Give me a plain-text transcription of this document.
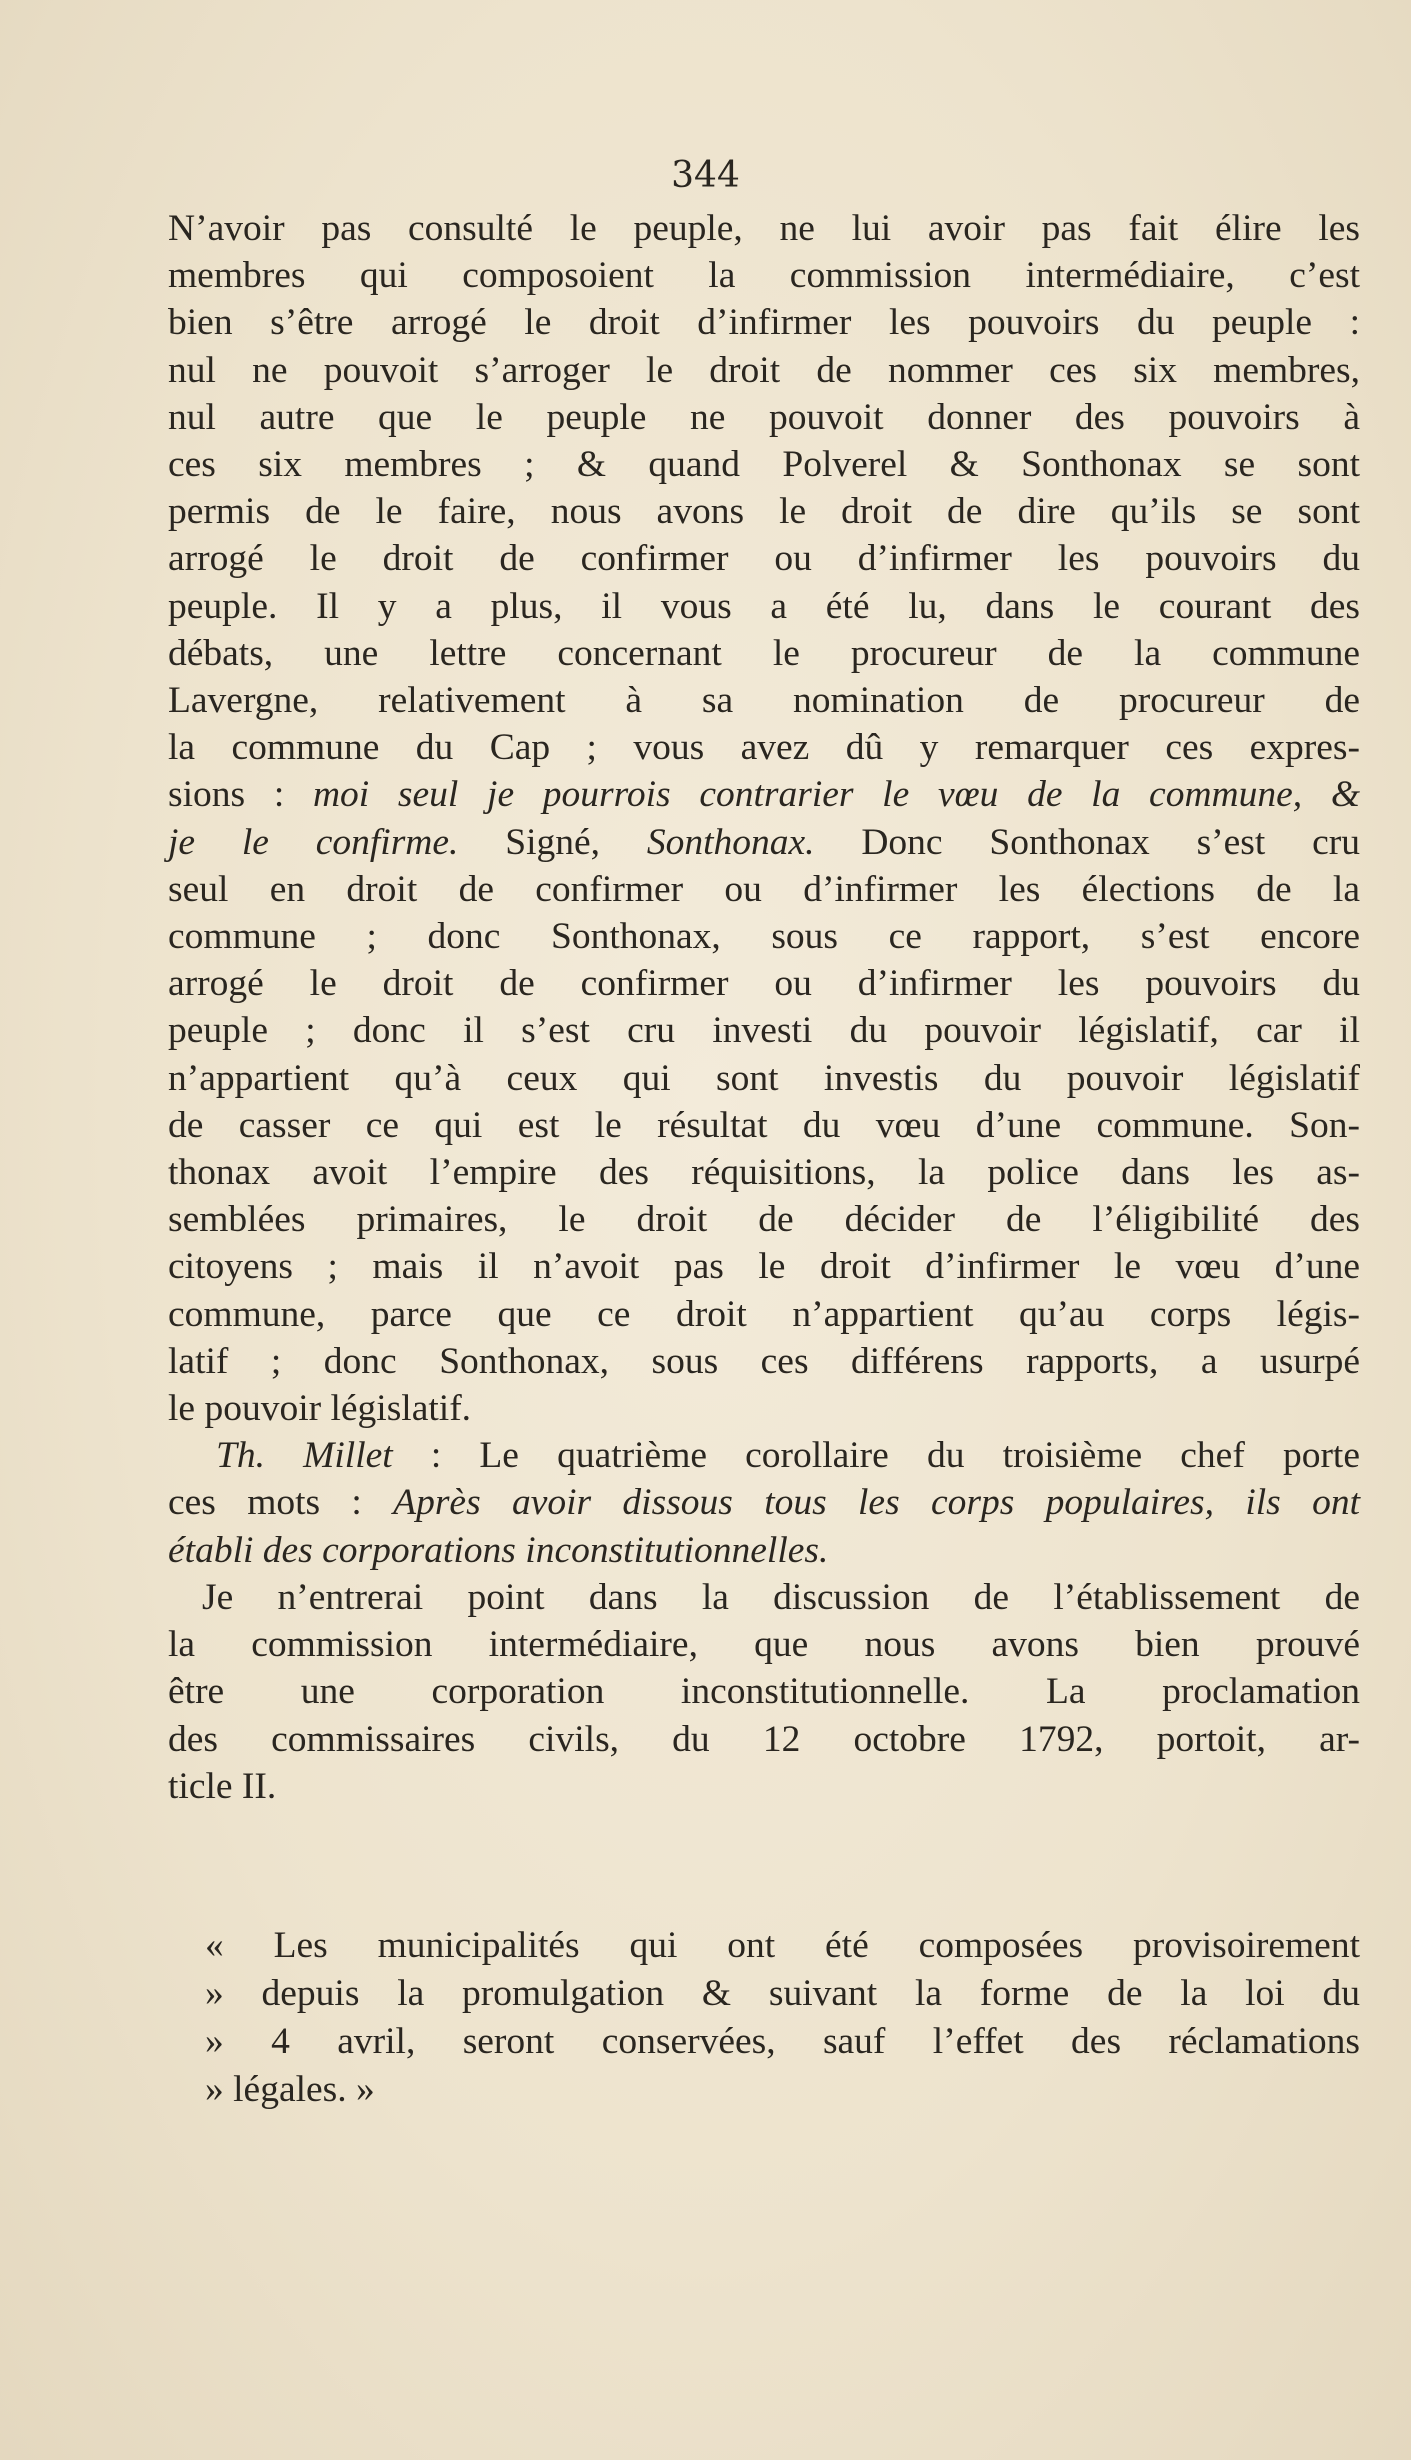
344
N’avoir pas consulté le peuple, ne lui avoir pas fait élire les
membres qui composoient la commission intermédiaire, c’est
bien s’être arrogé le droit d’infirmer les pouvoirs du peuple :
nul ne pouvoit s’arroger le droit de nommer ces six membres,
nul autre que le peuple ne pouvoit donner des pouvoirs à
ces six membres ; & quand Polverel & Sonthonax se sont
permis de le faire, nous avons le droit de dire qu’ils se sont
arrogé le droit de confirmer ou d’infirmer les pouvoirs du
peuple. Il y a plus, il vous a été lu, dans le courant des
débats, une lettre concernant le procureur de la commune
Lavergne, relativement à sa nomination de procureur de
la commune du Cap ; vous avez dû y remarquer ces expres-
sions : moi seul je pourrois contrarier le vœu de la commune, &
je le confirme. Signé, Sonthonax. Donc Sonthonax s’est cru
seul en droit de confirmer ou d’infirmer les élections de la
commune ; donc Sonthonax, sous ce rapport, s’est encore
arrogé le droit de confirmer ou d’infirmer les pouvoirs du
peuple ; donc il s’est cru investi du pouvoir législatif, car il
n’appartient qu’à ceux qui sont investis du pouvoir législatif
de casser ce qui est le résultat du vœu d’une commune. Son-
thonax avoit l’empire des réquisitions, la police dans les as-
semblées primaires, le droit de décider de l’éligibilité des
citoyens ; mais il n’avoit pas le droit d’infirmer le vœu d’une
commune, parce que ce droit n’appartient qu’au corps légis-
latif ; donc Sonthonax, sous ces différens rapports, a usurpé
le pouvoir législatif.
Th. Millet : Le quatrième corollaire du troisième chef porte
ces mots : Après avoir dissous tous les corps populaires, ils ont
établi des corporations inconstitutionnelles.
Je n’entrerai point dans la discussion de l’établissement de
la commission intermédiaire, que nous avons bien prouvé
être une corporation inconstitutionnelle. La proclamation
des commissaires civils, du 12 octobre 1792, portoit, ar-
ticle II.
« Les municipalités qui ont été composées provisoirement
» depuis la promulgation & suivant la forme de la loi du
» 4 avril, seront conservées, sauf l’effet des réclamations
» légales. »
